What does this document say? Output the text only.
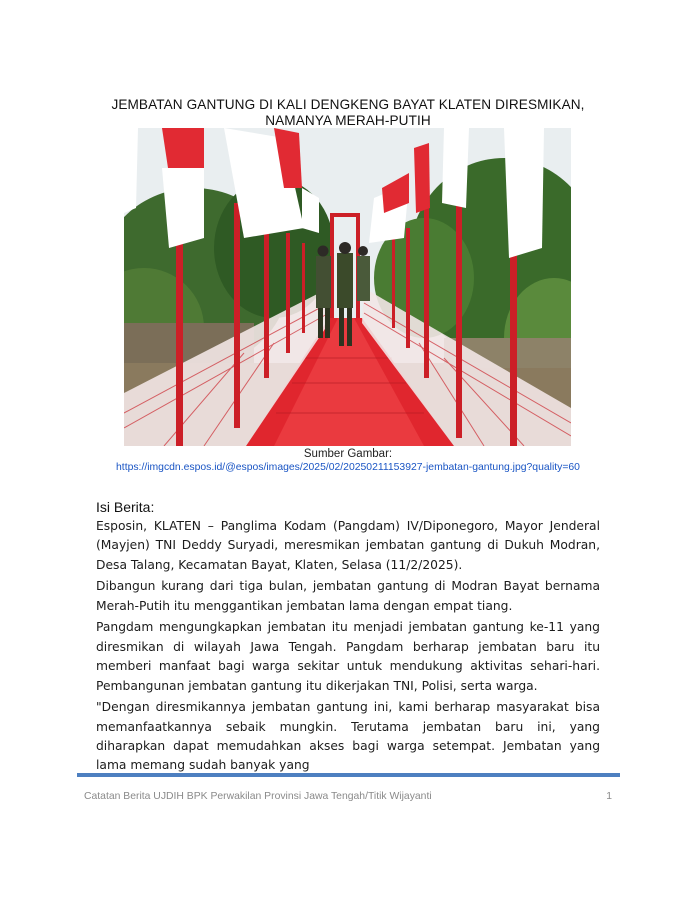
JEMBATAN GANTUNG DI KALI DENGKENG BAYAT KLATEN DIRESMIKAN,
NAMANYA MERAH-PUTIH
Sumber Gambar:
https://imgcdn.espos.id/@espos/images/2025/02/20250211153927-jembatan-gantung.jpg?quality=60
Isi Berita:

Esposin, KLATEN – Panglima Kodam (Pangdam) IV/Diponegoro, Mayor Jenderal (Mayjen) TNI Deddy Suryadi, meresmikan jembatan gantung di Dukuh Modran, Desa Talang, Kecamatan Bayat, Klaten, Selasa (11/2/2025).

Dibangun kurang dari tiga bulan, jembatan gantung di Modran Bayat bernama Merah-Putih itu menggantikan jembatan lama dengan empat tiang.

Pangdam mengungkapkan jembatan itu menjadi jembatan gantung ke-11 yang diresmikan di wilayah Jawa Tengah. Pangdam berharap jembatan baru itu memberi manfaat bagi warga sekitar untuk mendukung aktivitas sehari-hari. Pembangunan jembatan gantung itu dikerjakan TNI, Polisi, serta warga.

"Dengan diresmikannya jembatan gantung ini, kami berharap masyarakat bisa memanfaatkannya sebaik mungkin. Terutama jembatan baru ini, yang diharapkan dapat memudahkan akses bagi warga setempat. Jembatan yang lama memang sudah banyak yang

Catatan Berita UJDIH BPK Perwakilan Provinsi Jawa Tengah/Titik Wijayanti	1
